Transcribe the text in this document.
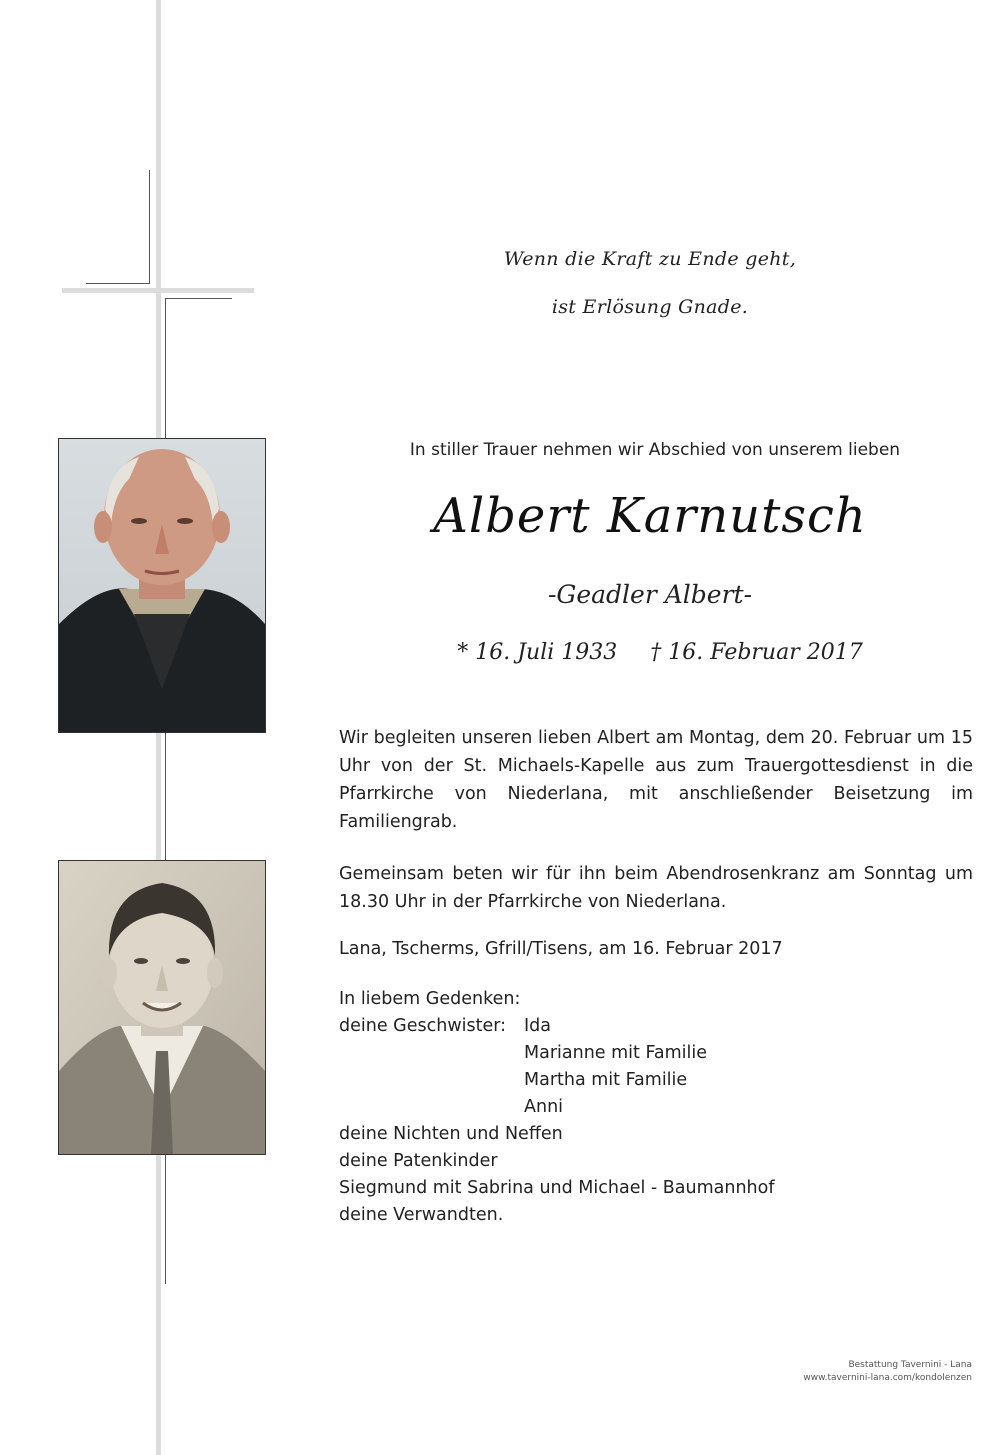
Wenn die Kraft zu Ende geht,
ist Erlösung Gnade.
In stiller Trauer nehmen wir Abschied von unserem lieben
Albert Karnutsch
-Geadler Albert-
* 16. Juli 1933 † 16. Februar 2017
Wir begleiten unseren lieben Albert am Montag, dem 20. Februar um 15 Uhr von der St. Michaels-Kapelle aus zum Trauergottesdienst in die Pfarrkirche von Niederlana, mit anschließender Beisetzung im Familiengrab.
Gemeinsam beten wir für ihn beim Abendrosenkranz am Sonntag um 18.30 Uhr in der Pfarrkirche von Niederlana.
Lana, Tscherms, Gfrill/Tisens, am 16. Februar 2017
In liebem Gedenken:
deine Geschwister: Ida
Marianne mit Familie
Martha mit Familie
Anni
deine Nichten und Neffen
deine Patenkinder
Siegmund mit Sabrina und Michael - Baumannhof
deine Verwandten.
Bestattung Tavernini - Lana
www.tavernini-lana.com/kondolenzen
